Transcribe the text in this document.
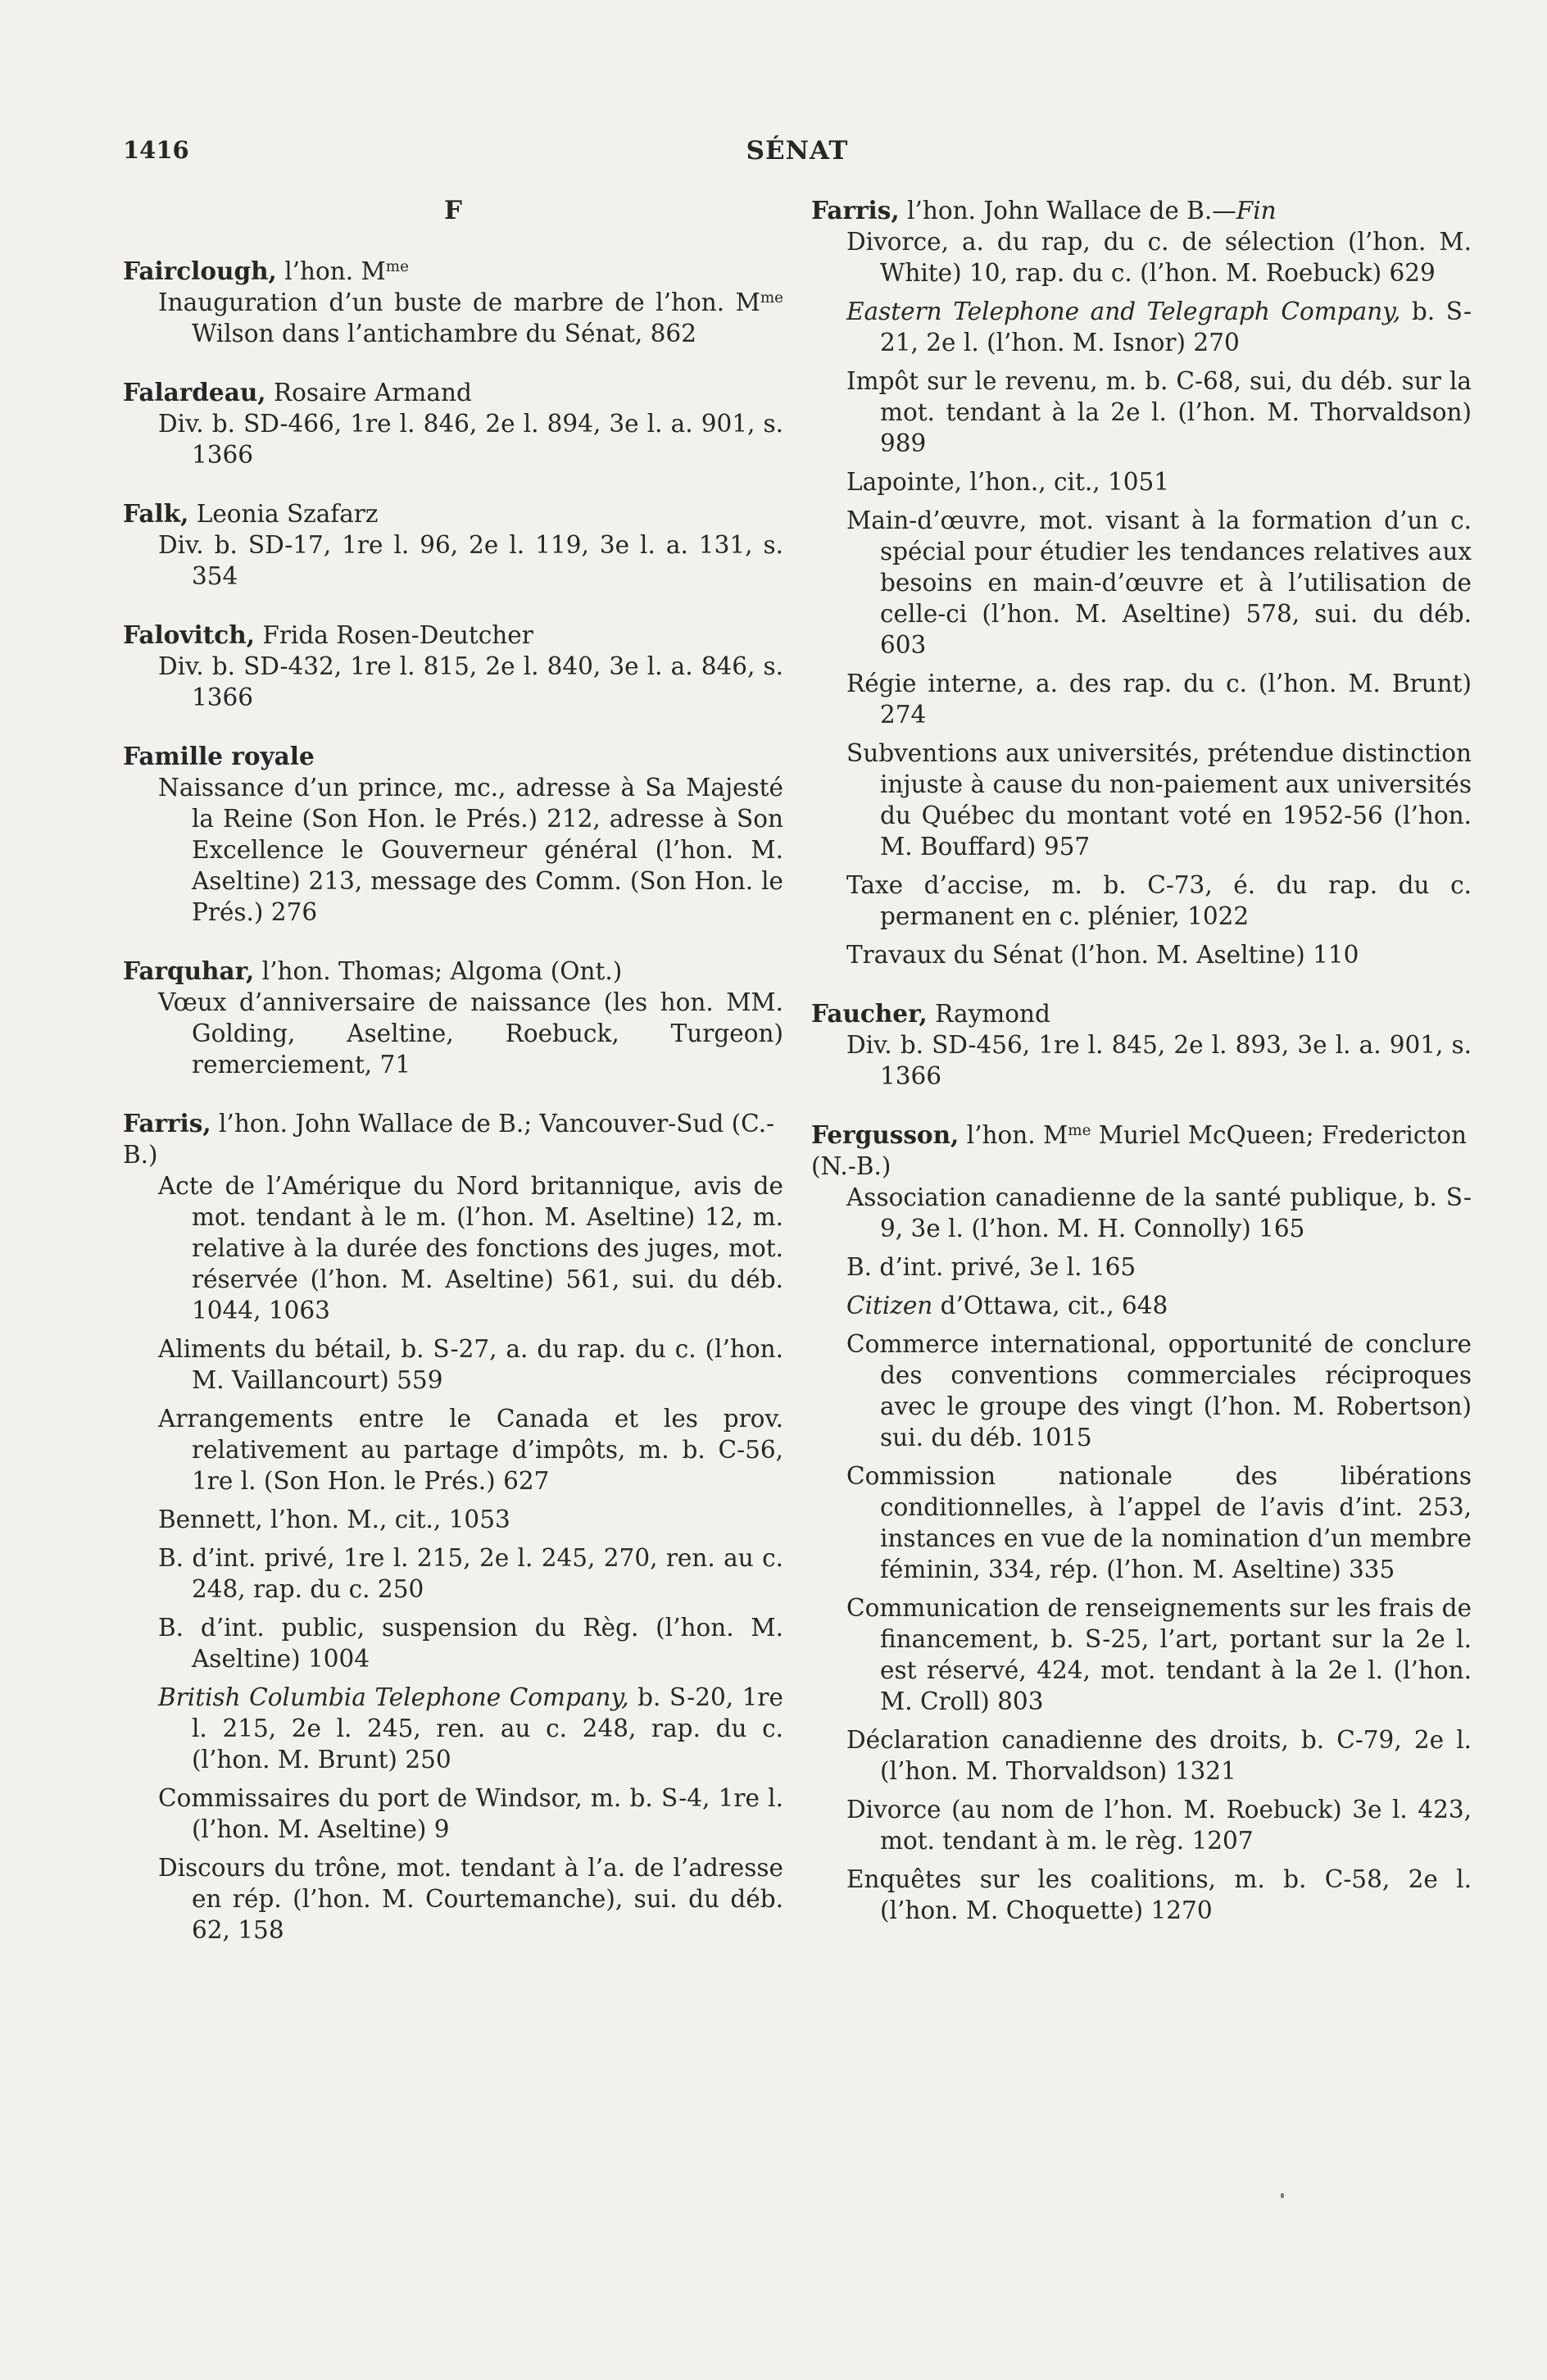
1416	SÉNAT
F

Fairclough, l’hon. $M^{me}$

Inauguration d’un buste de marbre de l’hon. $M^{me}$ Wilson dans l’antichambre du Sénat, 862

Falardeau, Rosaire Armand

Div. b. SD-466, 1re l. 846, 2e l. 894, 3e l. a. 901, s. 1366

Falk, Leonia Szafarz

Div. b. SD-17, 1re l. 96, 2e l. 119, 3e l. a. 131, s. 354

Falovitch, Frida Rosen-Deutcher

Div. b. SD-432, 1re l. 815, 2e l. 840, 3e l. a. 846, s. 1366

Famille royale

Naissance d’un prince, mc., adresse à Sa Majesté la Reine (Son Hon. le Prés.) 212, adresse à Son Excellence le Gouverneur général (l’hon. M. Aseltine) 213, message des Comm. (Son Hon. le Prés.) 276

Farquhar, l’hon. Thomas; Algoma (Ont.)

Vœux d’anniversaire de naissance (les hon. MM. Golding, Aseltine, Roebuck, Turgeon) remerciement, 71

Farris, l’hon. John Wallace de B.; Vancouver-Sud (C.-B.)

Acte de l’Amérique du Nord britannique, avis de mot. tendant à le m. (l’hon. M. Aseltine) 12, m. relative à la durée des fonctions des juges, mot. réservée (l’hon. M. Aseltine) 561, sui. du déb. 1044, 1063

Aliments du bétail, b. S-27, a. du rap. du c. (l’hon. M. Vaillancourt) 559

Arrangements entre le Canada et les prov. relativement au partage d’impôts, m. b. C-56, 1re l. (Son Hon. le Prés.) 627

Bennett, l’hon. M., cit., 1053

B. d’int. privé, 1re l. 215, 2e l. 245, 270, ren. au c. 248, rap. du c. 250

B. d’int. public, suspension du Règ. (l’hon. M. Aseltine) 1004

British Columbia Telephone Company, b. S-20, 1re l. 215, 2e l. 245, ren. au c. 248, rap. du c. (l’hon. M. Brunt) 250

Commissaires du port de Windsor, m. b. S-4, 1re l. (l’hon. M. Aseltine) 9

Discours du trône, mot. tendant à l’a. de l’adresse en rép. (l’hon. M. Courtemanche), sui. du déb. 62, 158

Farris, l’hon. John Wallace de B.—Fin

Divorce, a. du rap, du c. de sélection (l’hon. M. White) 10, rap. du c. (l’hon. M. Roebuck) 629

Eastern Telephone and Telegraph Company, b. S-21, 2e l. (l’hon. M. Isnor) 270

Impôt sur le revenu, m. b. C-68, sui, du déb. sur la mot. tendant à la 2e l. (l’hon. M. Thorvaldson) 989

Lapointe, l’hon., cit., 1051

Main-d’œuvre, mot. visant à la formation d’un c. spécial pour étudier les tendances relatives aux besoins en main-d’œuvre et à l’utilisation de celle-ci (l’hon. M. Aseltine) 578, sui. du déb. 603

Régie interne, a. des rap. du c. (l’hon. M. Brunt) 274

Subventions aux universités, prétendue distinction injuste à cause du non-paiement aux universités du Québec du montant voté en 1952-56 (l’hon. M. Bouffard) 957

Taxe d’accise, m. b. C-73, é. du rap. du c. permanent en c. plénier, 1022

Travaux du Sénat (l’hon. M. Aseltine) 110

Faucher, Raymond

Div. b. SD-456, 1re l. 845, 2e l. 893, 3e l. a. 901, s. 1366

Fergusson, l’hon. $M^{me}$ Muriel McQueen; Fredericton (N.-B.)

Association canadienne de la santé publique, b. S-9, 3e l. (l’hon. M. H. Connolly) 165

B. d’int. privé, 3e l. 165

Citizen d’Ottawa, cit., 648

Commerce international, opportunité de conclure des conventions commerciales réciproques avec le groupe des vingt (l’hon. M. Robertson) sui. du déb. 1015

Commission nationale des libérations conditionnelles, à l’appel de l’avis d’int. 253, instances en vue de la nomination d’un membre féminin, 334, rép. (l’hon. M. Aseltine) 335

Communication de renseignements sur les frais de financement, b. S-25, l’art, portant sur la 2e l. est réservé, 424, mot. tendant à la 2e l. (l’hon. M. Croll) 803

Déclaration canadienne des droits, b. C-79, 2e l. (l’hon. M. Thorvaldson) 1321

Divorce (au nom de l’hon. M. Roebuck) 3e l. 423, mot. tendant à m. le règ. 1207

Enquêtes sur les coalitions, m. b. C-58, 2e l. (l’hon. M. Choquette) 1270
